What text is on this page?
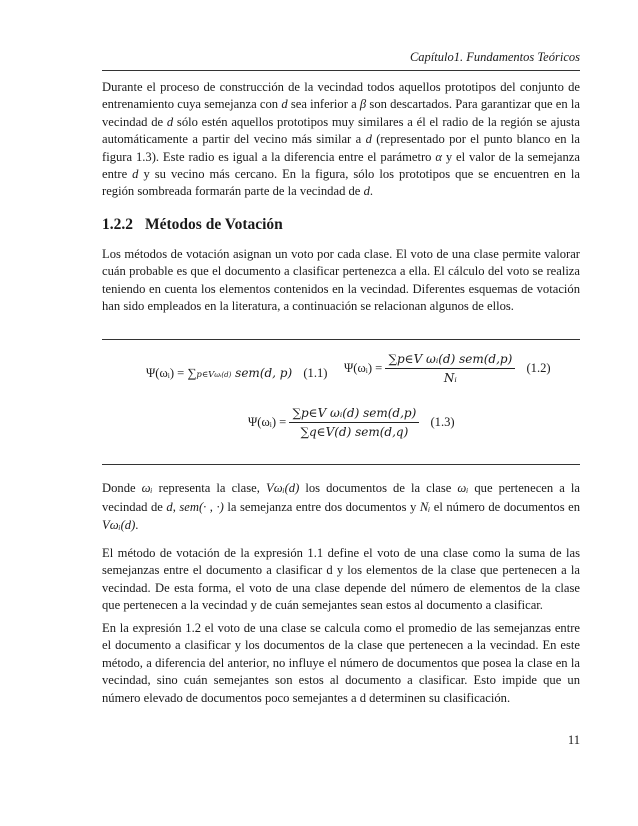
Capítulo1. Fundamentos Teóricos

Durante el proceso de construcción de la vecindad todos aquellos prototipos del conjunto de entrenamiento cuya semejanza con d sea inferior a β son descartados. Para garantizar que en la vecindad de d sólo estén aquellos prototipos muy similares a él el radio de la región se ajusta automáticamente a partir del vecino más similar a d (representado por el punto blanco en la figura 1.3). Este radio es igual a la diferencia entre el parámetro α y el valor de la semejanza entre d y su vecino más cercano. En la figura, sólo los prototipos que se encuentren en la región sombreada formarán parte de la vecindad de d.

1.2.2 Métodos de Votación

Los métodos de votación asignan un voto por cada clase. El voto de una clase permite valorar cuán probable es que el documento a clasificar pertenezca a ella. El cálculo del voto se realiza teniendo en cuenta los elementos contenidos en la vecindad. Diferentes esquemas de votación han sido empleados en la literatura, a continuación se relacionan algunos de ellos.

Ψ(ωᵢ) = ∑p∈Vωᵢ(d) sem(d, p) (1.1) Ψ(ωᵢ) = $\frac{\text{∑p∈V ωᵢ(d) sem(d,p)}}{\text{Nᵢ}} (1.2)$
Ψ(ωᵢ) = $\frac{\text{∑p∈V ωᵢ(d) sem(d,p)}}{\text{∑q∈V(d) sem(d,q)}} (1.3)$

Donde ωᵢ representa la clase, Vωᵢ(d) los documentos de la clase ωᵢ que pertenecen a la vecindad de d, sem(· , ·) la semejanza entre dos documentos y Nᵢ el número de documentos en Vωᵢ(d).

El método de votación de la expresión 1.1 define el voto de una clase como la suma de las semejanzas entre el documento a clasificar d y los elementos de la clase que pertenecen a la vecindad. De esta forma, el voto de una clase depende del número de elementos de la clase que pertenecen a la vecindad y de cuán semejantes sean estos al documento a clasificar.

En la expresión 1.2 el voto de una clase se calcula como el promedio de las semejanzas entre el documento a clasificar y los documentos de la clase que pertenecen a la vecindad. En este método, a diferencia del anterior, no influye el número de documentos que posea la clase en la vecindad, sino cuán semejantes son estos al documento a clasificar. Esto impide que un número elevado de documentos poco semejantes a d determinen su clasificación.

11
